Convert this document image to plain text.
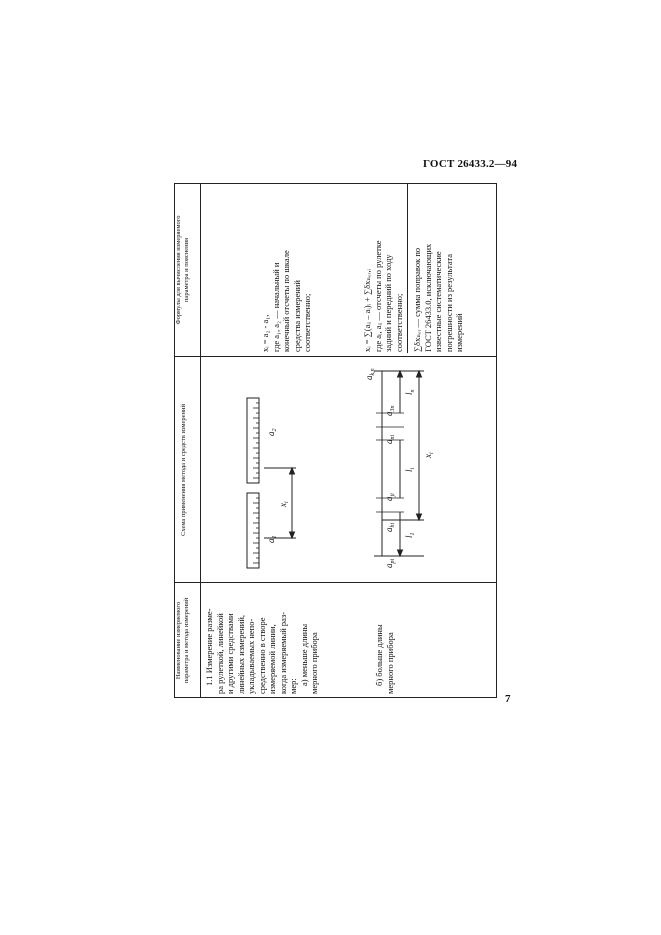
ГОСТ 26433.2—94
Наименование измеряемого параметра и метода измерений
Схема применения метода и средств измерений
Формулы для вычисления измеряемого параметра и пояснения
1.1 Измерение разме- ра рулеткой, линейкой и другими средствами линейных измерений, укладываемых непо- средственно в створе измеряемой линии, когда измеряемый раз- мер:
а) меньше длины мерного прибора	б) больше длины мерного прибора
$x_i$
$a_1$
$a_2$
$a_{pi}$
$a_{hi}$
$a_{ji}$
$l_1$
$l_i$
$x_i$
$a_{ni}$
$a_{3n}$
$l_n$
$a_{k,n}$
xᵢ = a₂ - a₁, где a₁, a₂ — начальный и конечный отсчеты по шкале средства измерений соответственно;	xᵢ = ∑(aᵢᵢ – aᵢ)ᵢ + ∑δxₙₒᵣ,ᵢ где aᵢ, aᵢᵢ — отсчеты по рулетке задний и передний по ходу соответственно; ∑δxₙₒᵣ — сумма поправок по ГОСТ 26433.0, исключающих известные систематические погрешности из результата измерений
7
